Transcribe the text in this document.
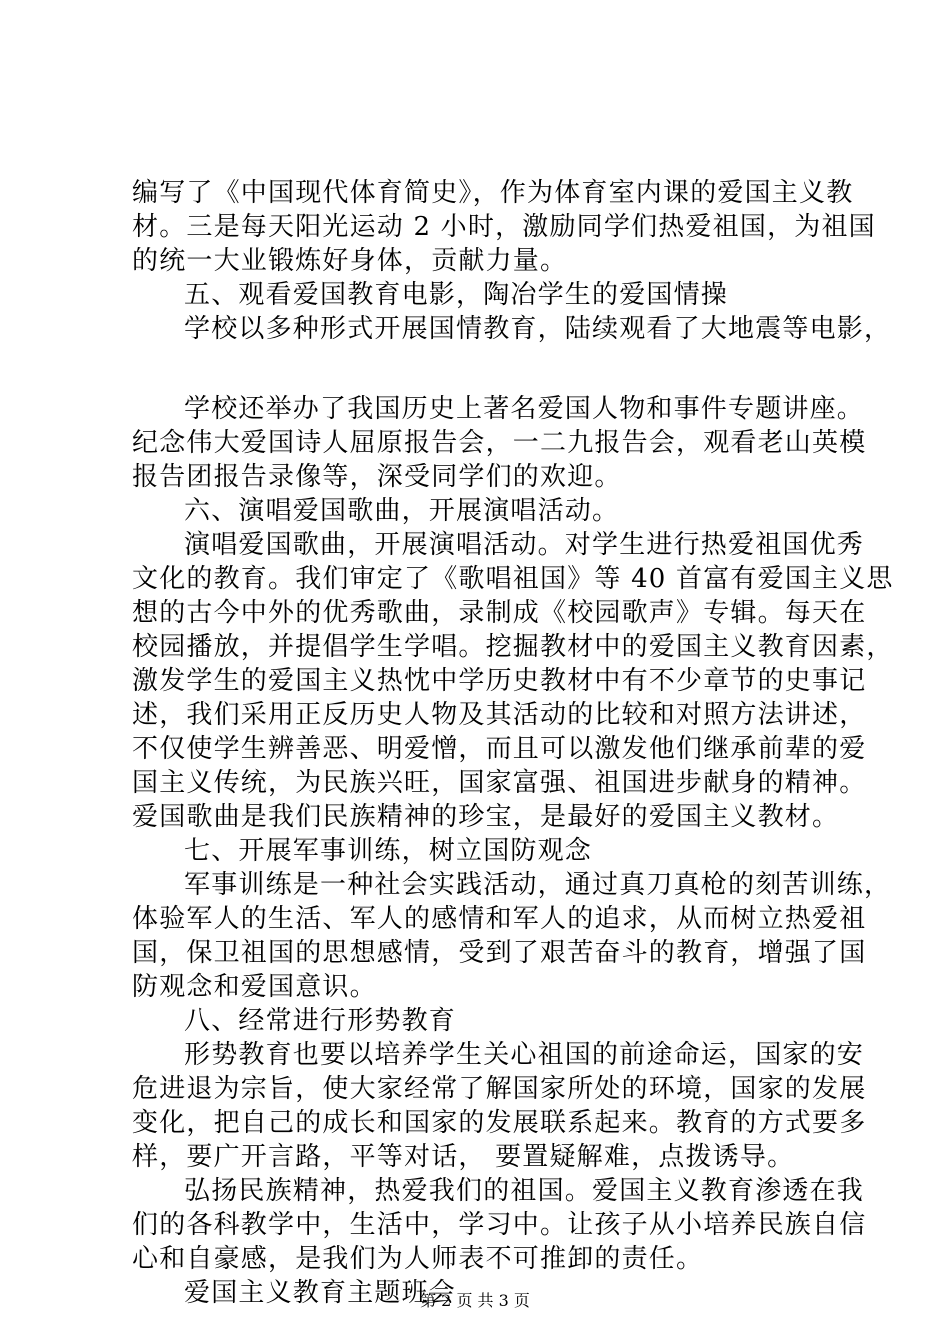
编写了《中国现代体育简史》，作为体育室内课的爱国主义教
材。三是每天阳光运动 2 小时，激励同学们热爱祖国，为祖国
的统一大业锻炼好身体，贡献力量。
五、观看爱国教育电影，陶冶学生的爱国情操
学校以多种形式开展国情教育，陆续观看了大地震等电影，
学校还举办了我国历史上著名爱国人物和事件专题讲座。
纪念伟大爱国诗人屈原报告会，一二九报告会，观看老山英模
报告团报告录像等，深受同学们的欢迎。
六、演唱爱国歌曲，开展演唱活动。
演唱爱国歌曲，开展演唱活动。对学生进行热爱祖国优秀
文化的教育。我们审定了《歌唱祖国》等 40 首富有爱国主义思
想的古今中外的优秀歌曲，录制成《校园歌声》专辑。每天在
校园播放，并提倡学生学唱。挖掘教材中的爱国主义教育因素，
激发学生的爱国主义热忱中学历史教材中有不少章节的史事记
述，我们采用正反历史人物及其活动的比较和对照方法讲述，
不仅使学生辨善恶、明爱憎，而且可以激发他们继承前辈的爱
国主义传统，为民族兴旺，国家富强、祖国进步献身的精神。
爱国歌曲是我们民族精神的珍宝，是最好的爱国主义教材。
七、开展军事训练，树立国防观念
军事训练是一种社会实践活动，通过真刀真枪的刻苦训练，
体验军人的生活、军人的感情和军人的追求，从而树立热爱祖
国，保卫祖国的思想感情，受到了艰苦奋斗的教育，增强了国
防观念和爱国意识。
八、经常进行形势教育
形势教育也要以培养学生关心祖国的前途命运，国家的安
危进退为宗旨，使大家经常了解国家所处的环境，国家的发展
变化，把自己的成长和国家的发展联系起来。教育的方式要多
样，要广开言路，平等对话， 要置疑解难，点拨诱导。
弘扬民族精神，热爱我们的祖国。爱国主义教育渗透在我
们的各科教学中，生活中，学习中。让孩子从小培养民族自信
心和自豪感，是我们为人师表不可推卸的责任。
爱国主义教育主题班会
第 2 页 共 3 页
